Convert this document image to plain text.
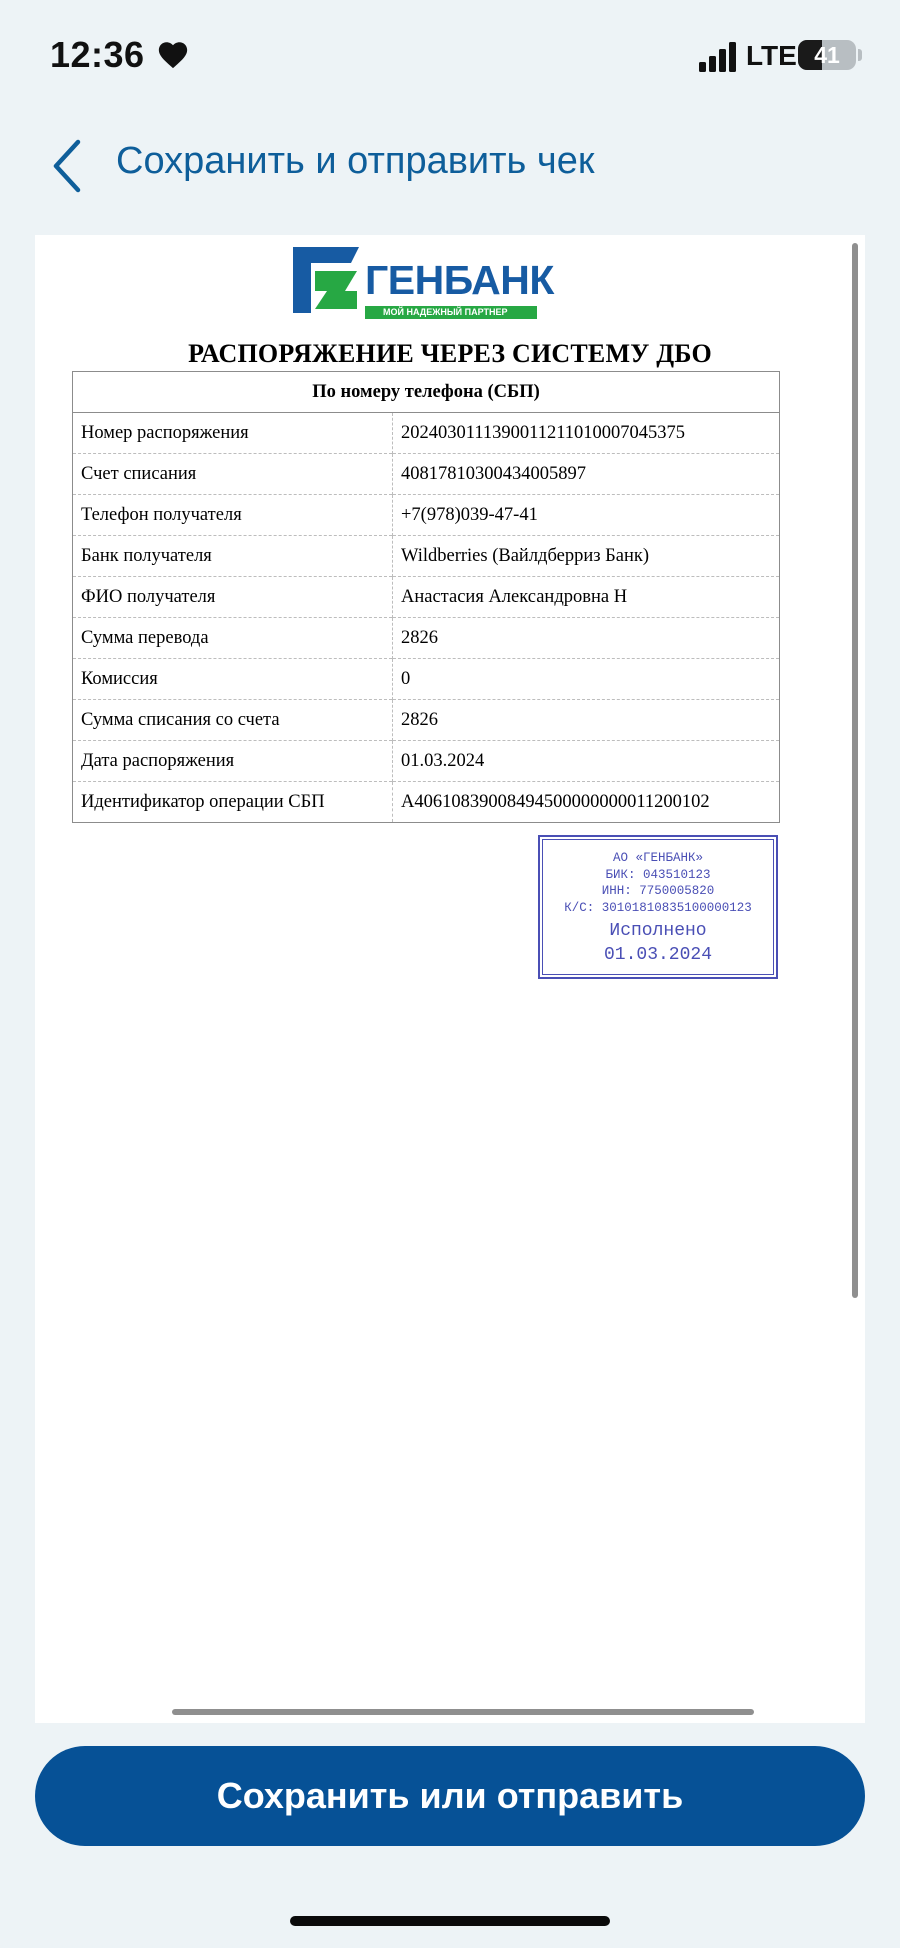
12:36	LTE 41
Сохранить и отправить чек
ГЕНБАНК
МОЙ НАДЕЖНЫЙ ПАРТНЕР
РАСПОРЯЖЕНИЕ ЧЕРЕЗ СИСТЕМУ ДБО
По номеру телефона (СБП)	
Номер распоряжения	2024030111390011211010007045375
Счет списания	40817810300434005897
Телефон получателя	+7(978)039-47-41
Банк получателя	Wildberries (Вайлдберриз Банк)
ФИО получателя	Анастасия Александровна Н
Сумма перевода	2826
Комиссия	0
Сумма списания со счета	2826
Дата распоряжения	01.03.2024
Идентификатор операции СБП	A40610839008494500000000011200102
АО «ГЕНБАНК»
БИК: 043510123
ИНН: 7750005820
К/С: 30101810835100000123
Исполнено
01.03.2024
Сохранить или отправить
